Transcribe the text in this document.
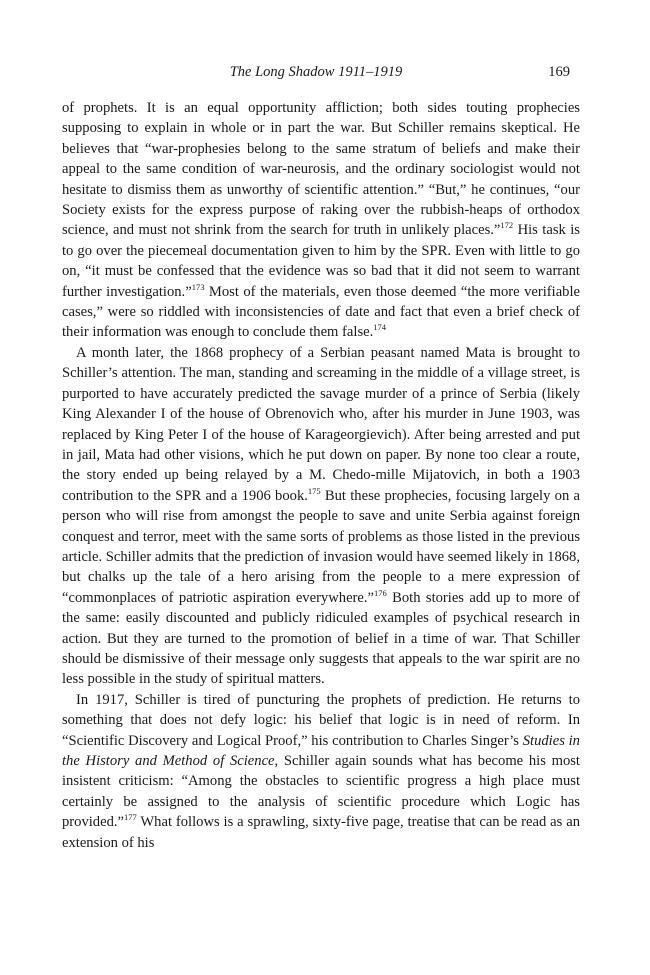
The Long Shadow 1911–1919	169

of prophets. It is an equal opportunity affliction; both sides touting prophecies supposing to explain in whole or in part the war. But Schiller remains skeptical. He believes that “war-prophesies belong to the same stratum of beliefs and make their appeal to the same condition of war-neurosis, and the ordinary sociologist would not hesitate to dismiss them as unworthy of scientific attention.” “But,” he continues, “our Society exists for the express purpose of raking over the rubbish-heaps of orthodox science, and must not shrink from the search for truth in unlikely places.”$^{172}$ His task is to go over the piecemeal documentation given to him by the SPR. Even with little to go on, “it must be confessed that the evidence was so bad that it did not seem to warrant further investigation.”$^{173}$ Most of the materials, even those deemed “the more verifiable cases,” were so riddled with inconsistencies of date and fact that even a brief check of their information was enough to conclude them false.$^{174}$

A month later, the 1868 prophecy of a Serbian peasant named Mata is brought to Schiller’s attention. The man, standing and screaming in the middle of a village street, is purported to have accurately predicted the savage murder of a prince of Serbia (likely King Alexander I of the house of Obrenovich who, after his murder in June 1903, was replaced by King Peter I of the house of Karageorgievich). After being arrested and put in jail, Mata had other visions, which he put down on paper. By none too clear a route, the story ended up being relayed by a M. Chedo-mille Mijatovich, in both a 1903 contribution to the SPR and a 1906 book.$^{175}$ But these prophecies, focusing largely on a person who will rise from amongst the people to save and unite Serbia against foreign conquest and terror, meet with the same sorts of problems as those listed in the previous article. Schiller admits that the prediction of invasion would have seemed likely in 1868, but chalks up the tale of a hero arising from the people to a mere expression of “commonplaces of patriotic aspiration everywhere.”$^{176}$ Both stories add up to more of the same: easily discounted and publicly ridiculed examples of psychical research in action. But they are turned to the promotion of belief in a time of war. That Schiller should be dismissive of their message only suggests that appeals to the war spirit are no less possible in the study of spiritual matters.

In 1917, Schiller is tired of puncturing the prophets of prediction. He returns to something that does not defy logic: his belief that logic is in need of reform. In “Scientific Discovery and Logical Proof,” his contribution to Charles Singer’s Studies in the History and Method of Science, Schiller again sounds what has become his most insistent criticism: “Among the obstacles to scientific progress a high place must certainly be assigned to the analysis of scientific procedure which Logic has provided.”$^{177}$ What follows is a sprawling, sixty-five page, treatise that can be read as an extension of his
